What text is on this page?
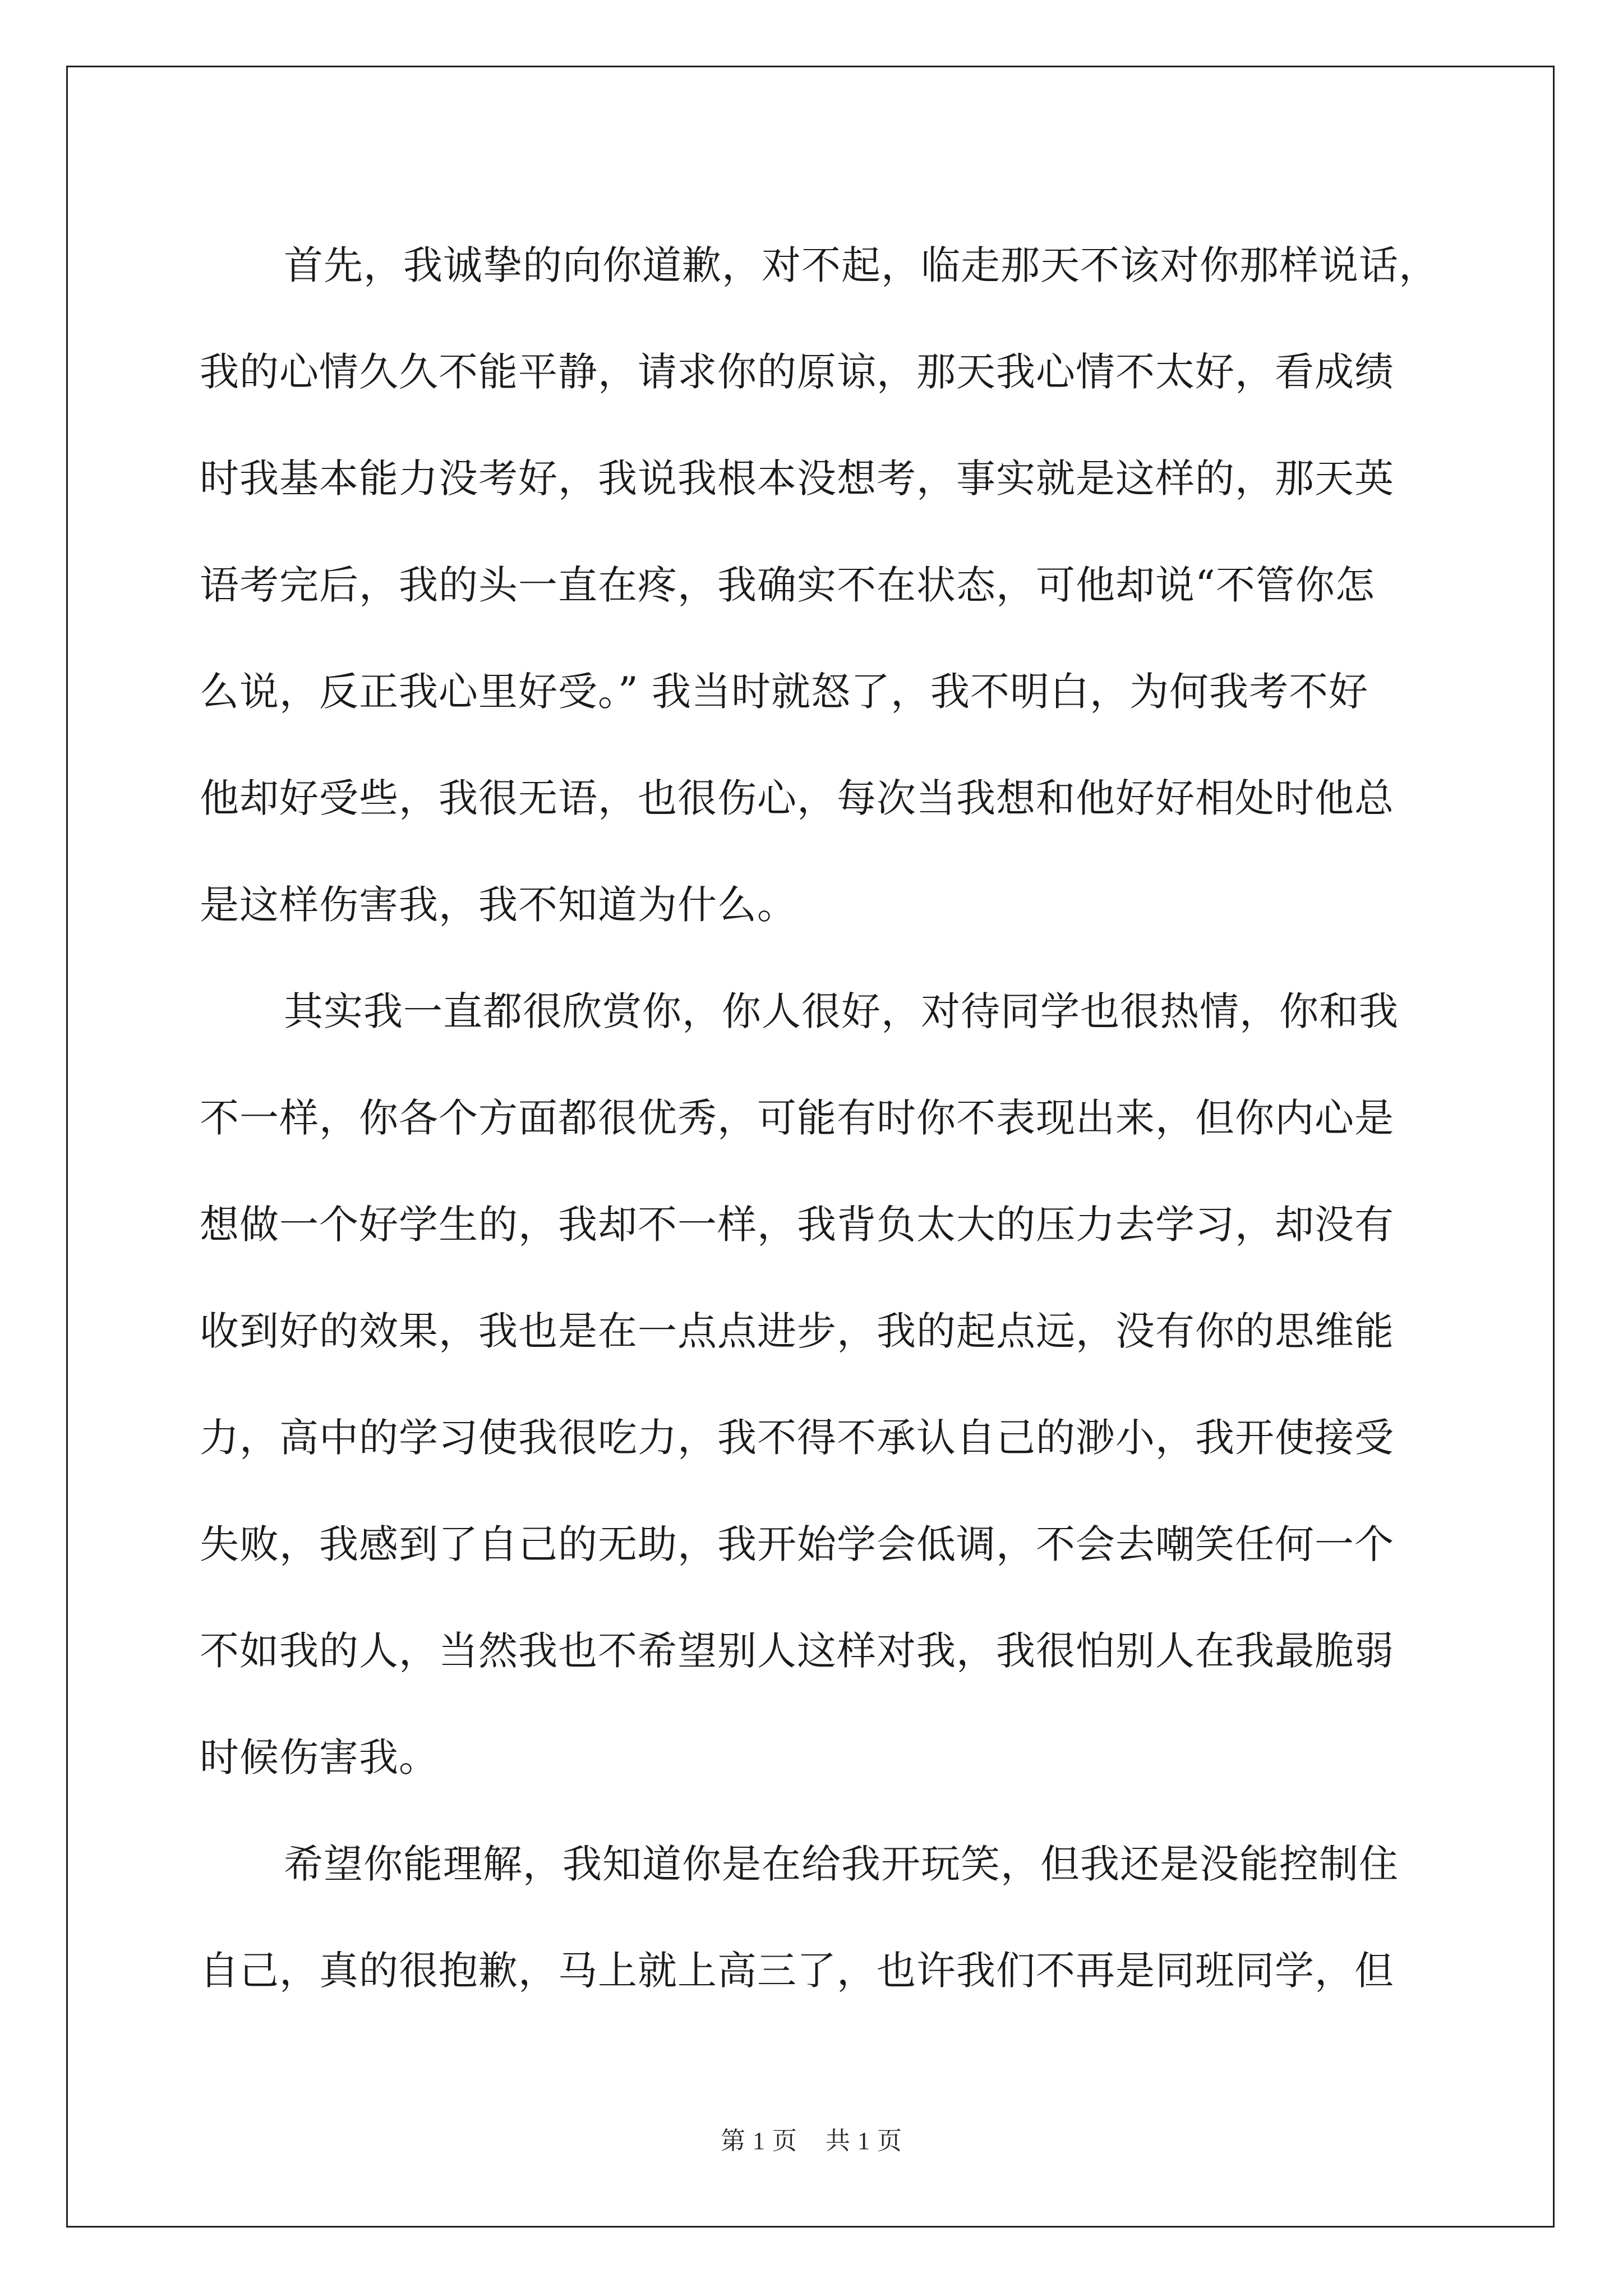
首先，我诚挚的向你道歉，对不起，临走那天不该对你那样说话，
我的心情久久不能平静，请求你的原谅，那天我心情不太好，看成绩
时我基本能力没考好，我说我根本没想考，事实就是这样的，那天英
语考完后，我的头一直在疼，我确实不在状态，可他却说“不管你怎
么说，反正我心里好受。” 我当时就怒了，我不明白，为何我考不好
他却好受些，我很无语，也很伤心，每次当我想和他好好相处时他总
是这样伤害我，我不知道为什么。
其实我一直都很欣赏你，你人很好，对待同学也很热情，你和我
不一样，你各个方面都很优秀，可能有时你不表现出来，但你内心是
想做一个好学生的，我却不一样，我背负太大的压力去学习，却没有
收到好的效果，我也是在一点点进步，我的起点远，没有你的思维能
力，高中的学习使我很吃力，我不得不承认自己的渺小，我开使接受
失败，我感到了自己的无助，我开始学会低调，不会去嘲笑任何一个
不如我的人，当然我也不希望别人这样对我，我很怕别人在我最脆弱
时候伤害我。
希望你能理解，我知道你是在给我开玩笑，但我还是没能控制住
自己，真的很抱歉，马上就上高三了，也许我们不再是同班同学，但
第 1 页 共 1 页
